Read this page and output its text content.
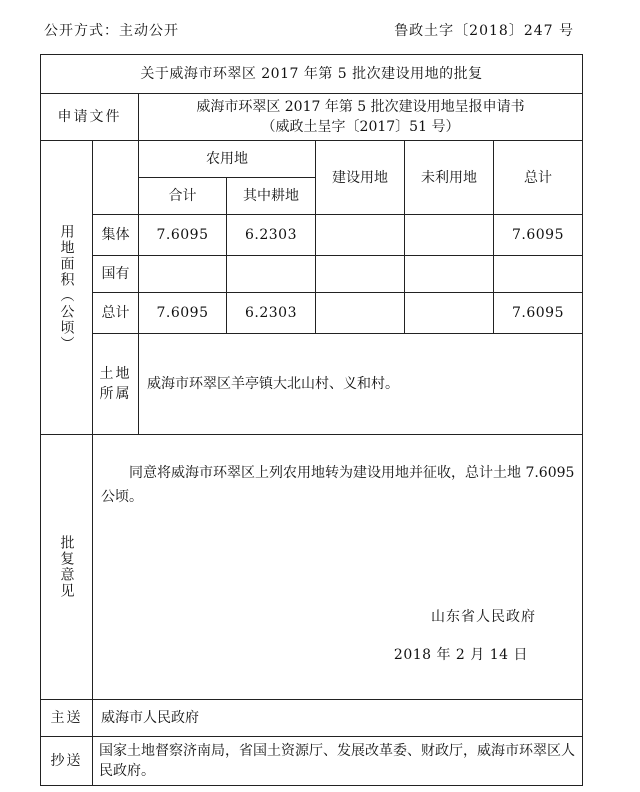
公开方式：主动公开	鲁政土字〔2018〕247 号
关于威海市环翠区 2017 年第 5 批次建设用地的批复						
申请文件		威海市环翠区 2017 年第 5 批次建设用地呈报申请书
（威政土呈字〔2017〕51 号）				

用地面积（公顷）		农用地		建设用地	未利用地	总计
		合计	其中耕地			
	集体	7.6095	6.2303			7.6095
	国有					
	总计	7.6095	6.2303			7.6095

	土地
所属	威海市环翠区羊亭镇大北山村、义和村。				

批复意见	同意将威海市环翠区上列农用地转为建设用地并征收，总计土地 7.6095 公顷。
山东省人民政府
2018 年 2 月 14 日					

主送	威海市人民政府					
抄送	国家土地督察济南局，省国土资源厅、发展改革委、财政厅，威海市环翠区人民政府。					
